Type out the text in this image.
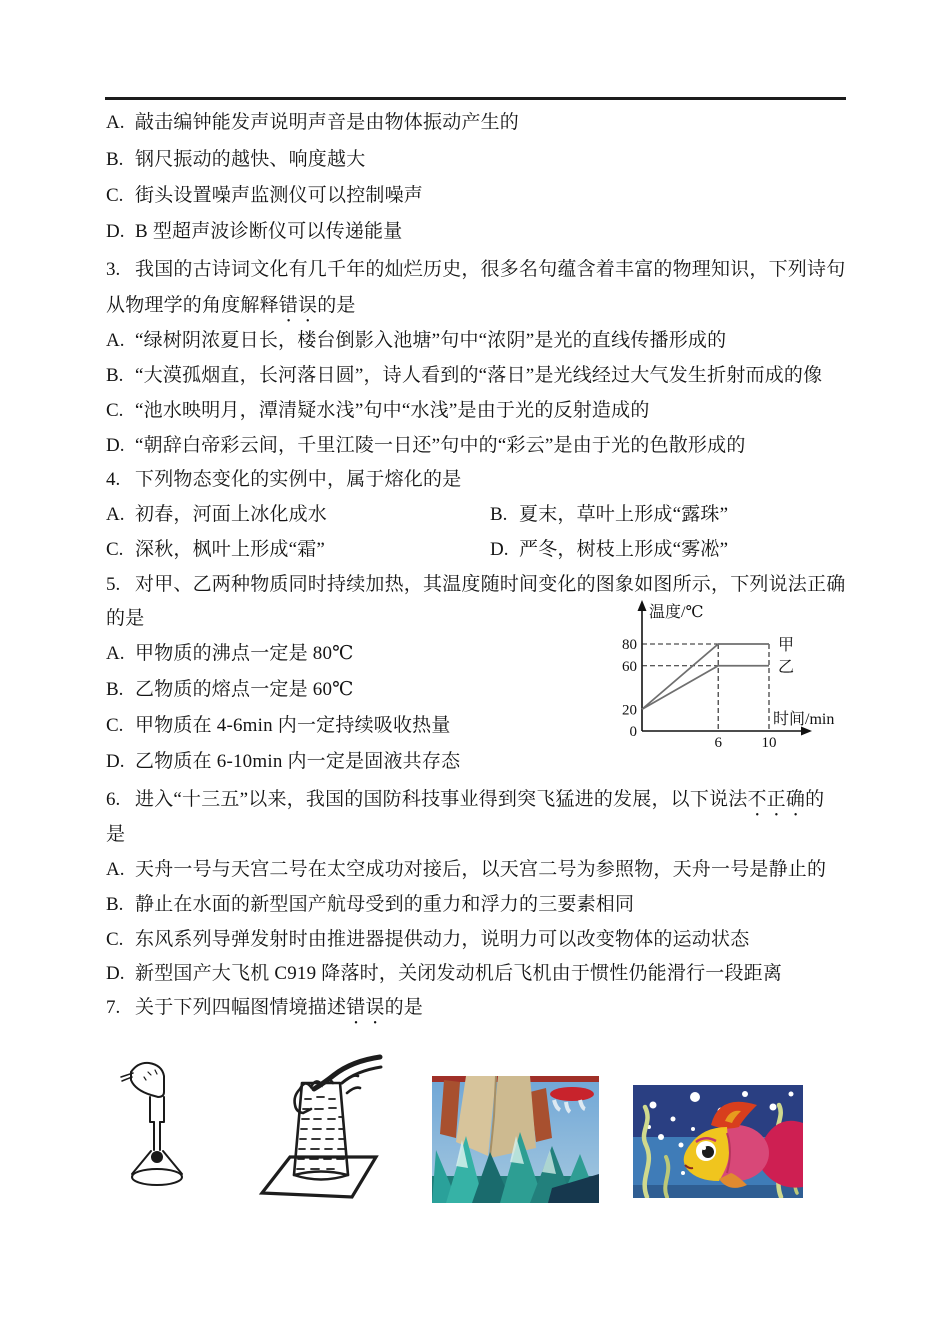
A. 敲击编钟能发声说明声音是由物体振动产生的
B. 钢尺振动的越快、响度越大
C. 街头设置噪声监测仪可以控制噪声
D. B 型超声波诊断仪可以传递能量
3. 我国的古诗词文化有几千年的灿烂历史，很多名句蕴含着丰富的物理知识，下列诗句
从物理学的角度解释错误的是
A. “绿树阴浓夏日长，楼台倒影入池塘”句中“浓阴”是光的直线传播形成的
B. “大漠孤烟直，长河落日圆”，诗人看到的“落日”是光线经过大气发生折射而成的像
C. “池水映明月，潭清疑水浅”句中“水浅”是由于光的反射造成的
D. “朝辞白帝彩云间，千里江陵一日还”句中的“彩云”是由于光的色散形成的
4. 下列物态变化的实例中，属于熔化的是
A. 初春，河面上冰化成水	B. 夏末，草叶上形成“露珠”
C. 深秋，枫叶上形成“霜”	D. 严冬，树枝上形成“雾凇”
5. 对甲、乙两种物质同时持续加热，其温度随时间变化的图象如图所示，下列说法正确
的是
A. 甲物质的沸点一定是 80℃
B. 乙物质的熔点一定是 60℃
C. 甲物质在 4-6min 内一定持续吸收热量
D. 乙物质在 6-10min 内一定是固液共存态
80
60
20
0
6	10
甲
乙
温度/℃
时间/min
6. 进入“十三五”以来，我国的国防科技事业得到突飞猛进的发展，以下说法不正确的
是
A. 天舟一号与天宫二号在太空成功对接后，以天宫二号为参照物，天舟一号是静止的
B. 静止在水面的新型国产航母受到的重力和浮力的三要素相同
C. 东风系列导弹发射时由推进器提供动力，说明力可以改变物体的运动状态
D. 新型国产大飞机 C919 降落时，关闭发动机后飞机由于惯性仍能滑行一段距离
7. 关于下列四幅图情境描述错误的是
